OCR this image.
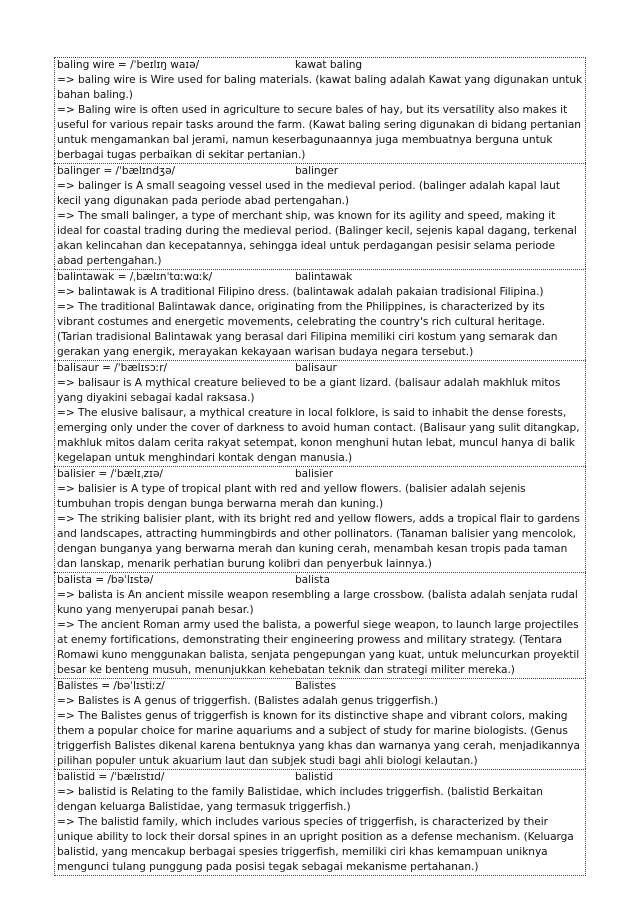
baling wire = /ˈbeɪlɪŋ waɪə/	kawat baling

=> baling wire is Wire used for baling materials. (kawat baling adalah Kawat yang digunakan untuk bahan baling.)

=> Baling wire is often used in agriculture to secure bales of hay, but its versatility also makes it useful for various repair tasks around the farm. (Kawat baling sering digunakan di bidang pertanian untuk mengamankan bal jerami, namun keserbagunaannya juga membuatnya berguna untuk berbagai tugas perbaikan di sekitar pertanian.)

balinger = /ˈbælɪndʒə/	balinger

=> balinger is A small seagoing vessel used in the medieval period. (balinger adalah kapal laut kecil yang digunakan pada periode abad pertengahan.)

=> The small balinger, a type of merchant ship, was known for its agility and speed, making it ideal for coastal trading during the medieval period. (Balinger kecil, sejenis kapal dagang, terkenal akan kelincahan dan kecepatannya, sehingga ideal untuk perdagangan pesisir selama periode abad pertengahan.)

balintawak = /ˌbælɪnˈtɑːwɑːk/	balintawak

=> balintawak is A traditional Filipino dress. (balintawak adalah pakaian tradisional Filipina.)

=> The traditional Balintawak dance, originating from the Philippines, is characterized by its vibrant costumes and energetic movements, celebrating the country's rich cultural heritage. (Tarian tradisional Balintawak yang berasal dari Filipina memiliki ciri kostum yang semarak dan gerakan yang energik, merayakan kekayaan warisan budaya negara tersebut.)

balisaur = /ˈbælɪsɔːr/	balisaur

=> balisaur is A mythical creature believed to be a giant lizard. (balisaur adalah makhluk mitos yang diyakini sebagai kadal raksasa.)

=> The elusive balisaur, a mythical creature in local folklore, is said to inhabit the dense forests, emerging only under the cover of darkness to avoid human contact. (Balisaur yang sulit ditangkap, makhluk mitos dalam cerita rakyat setempat, konon menghuni hutan lebat, muncul hanya di balik kegelapan untuk menghindari kontak dengan manusia.)

balisier = /ˈbælɪˌzɪə/	balisier

=> balisier is A type of tropical plant with red and yellow flowers. (balisier adalah sejenis tumbuhan tropis dengan bunga berwarna merah dan kuning.)

=> The striking balisier plant, with its bright red and yellow flowers, adds a tropical flair to gardens and landscapes, attracting hummingbirds and other pollinators. (Tanaman balisier yang mencolok, dengan bunganya yang berwarna merah dan kuning cerah, menambah kesan tropis pada taman dan lanskap, menarik perhatian burung kolibri dan penyerbuk lainnya.)

balista = /bəˈlɪstə/	balista

=> balista is An ancient missile weapon resembling a large crossbow. (balista adalah senjata rudal kuno yang menyerupai panah besar.)

=> The ancient Roman army used the balista, a powerful siege weapon, to launch large projectiles at enemy fortifications, demonstrating their engineering prowess and military strategy. (Tentara Romawi kuno menggunakan balista, senjata pengepungan yang kuat, untuk meluncurkan proyektil besar ke benteng musuh, menunjukkan kehebatan teknik dan strategi militer mereka.)

Balistes = /bəˈlɪstiːz/	Balistes

=> Balistes is A genus of triggerfish. (Balistes adalah genus triggerfish.)

=> The Balistes genus of triggerfish is known for its distinctive shape and vibrant colors, making them a popular choice for marine aquariums and a subject of study for marine biologists. (Genus triggerfish Balistes dikenal karena bentuknya yang khas dan warnanya yang cerah, menjadikannya pilihan populer untuk akuarium laut dan subjek studi bagi ahli biologi kelautan.)

balistid = /ˈbælɪstɪd/	balistid

=> balistid is Relating to the family Balistidae, which includes triggerfish. (balistid Berkaitan dengan keluarga Balistidae, yang termasuk triggerfish.)

=> The balistid family, which includes various species of triggerfish, is characterized by their unique ability to lock their dorsal spines in an upright position as a defense mechanism. (Keluarga balistid, yang mencakup berbagai spesies triggerfish, memiliki ciri khas kemampuan uniknya mengunci tulang punggung pada posisi tegak sebagai mekanisme pertahanan.)
